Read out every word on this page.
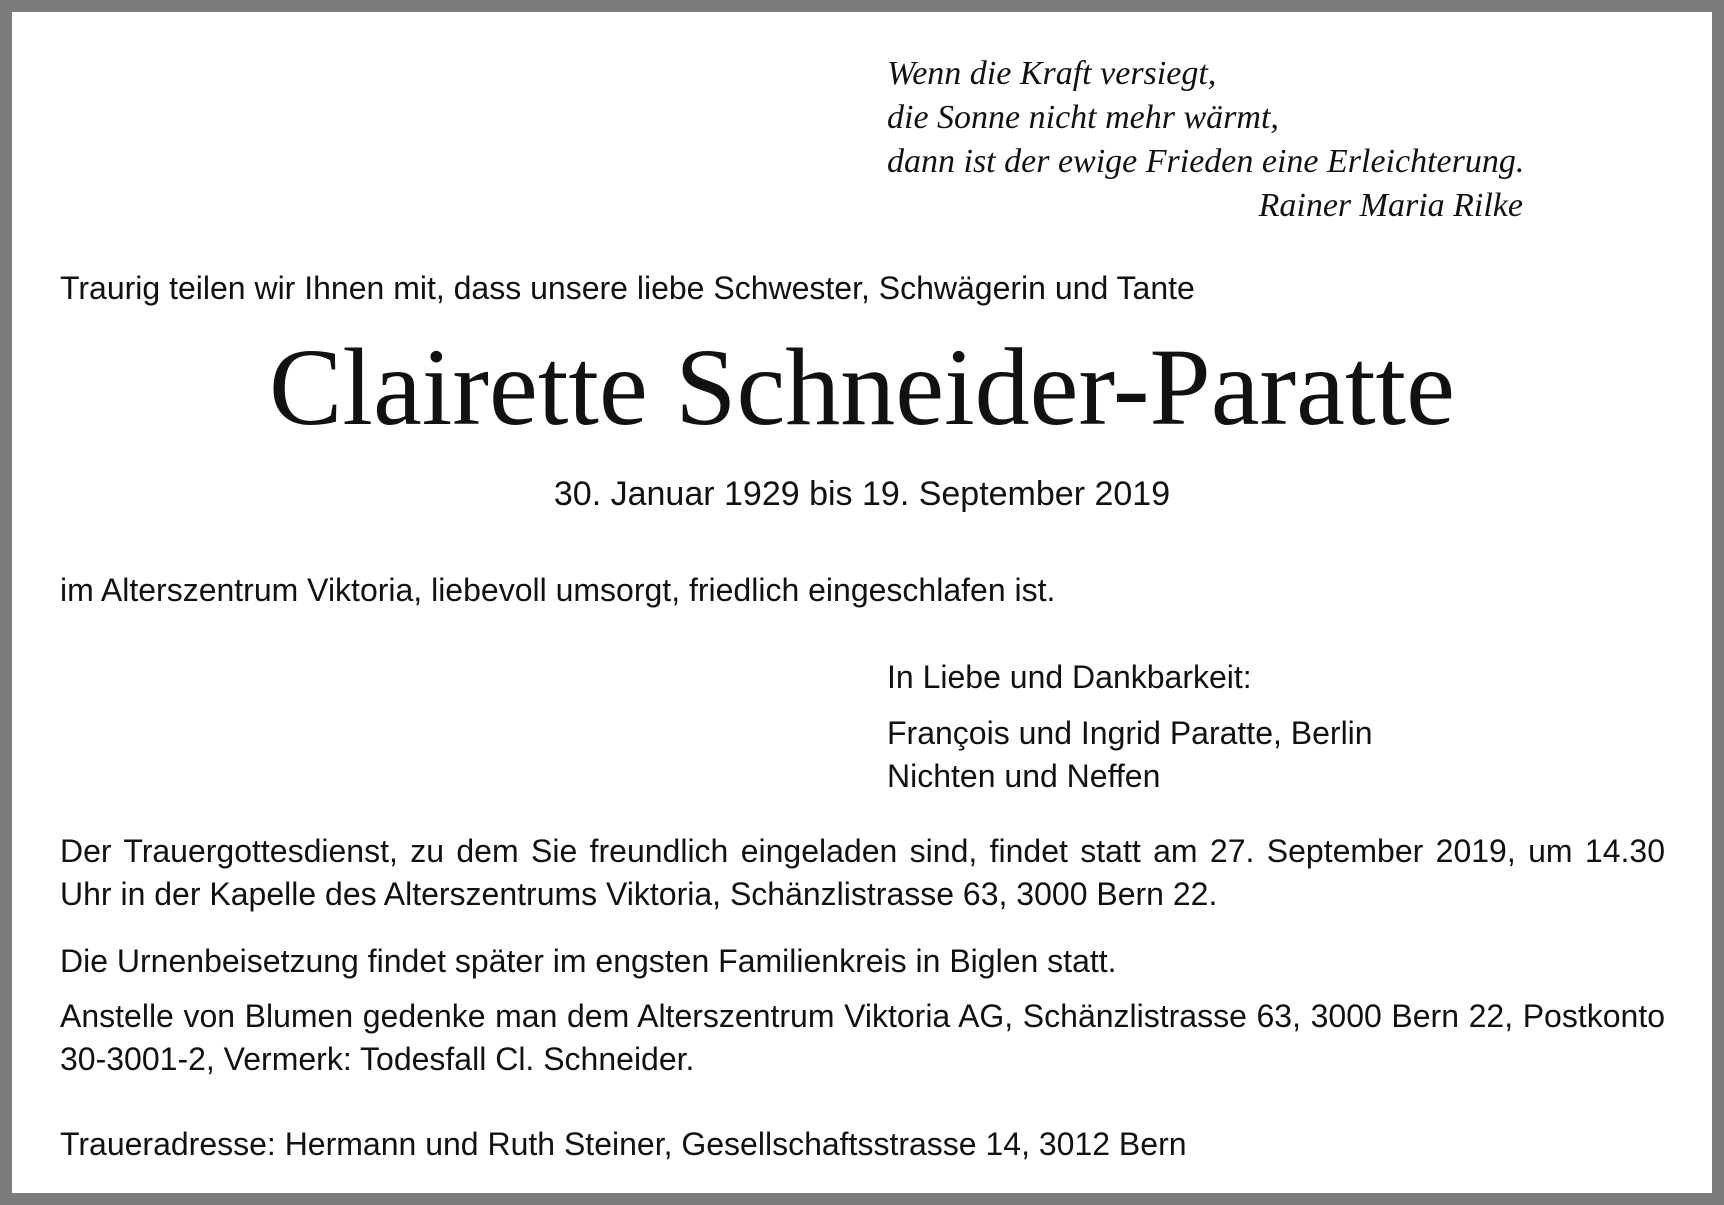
Wenn die Kraft versiegt,
die Sonne nicht mehr wärmt,
dann ist der ewige Frieden eine Erleichterung.
Rainer Maria Rilke
Traurig teilen wir Ihnen mit, dass unsere liebe Schwester, Schwägerin und Tante
Clairette Schneider-Paratte
30. Januar 1929 bis 19. September 2019
im Alterszentrum Viktoria, liebevoll umsorgt, friedlich eingeschlafen ist.
In Liebe und Dankbarkeit:
François und Ingrid Paratte, Berlin
Nichten und Neffen
Der Trauergottesdienst, zu dem Sie freundlich eingeladen sind, findet statt am 27. September 2019, um 14.30 Uhr in der Kapelle des Alterszentrums Viktoria, Schänzlistrasse 63, 3000 Bern 22.
Die Urnenbeisetzung findet später im engsten Familienkreis in Biglen statt.
Anstelle von Blumen gedenke man dem Alterszentrum Viktoria AG, Schänzlistrasse 63, 3000 Bern 22, Postkonto 30-3001-2, Vermerk: Todesfall Cl. Schneider.
Traueradresse: Hermann und Ruth Steiner, Gesellschaftsstrasse 14, 3012 Bern
